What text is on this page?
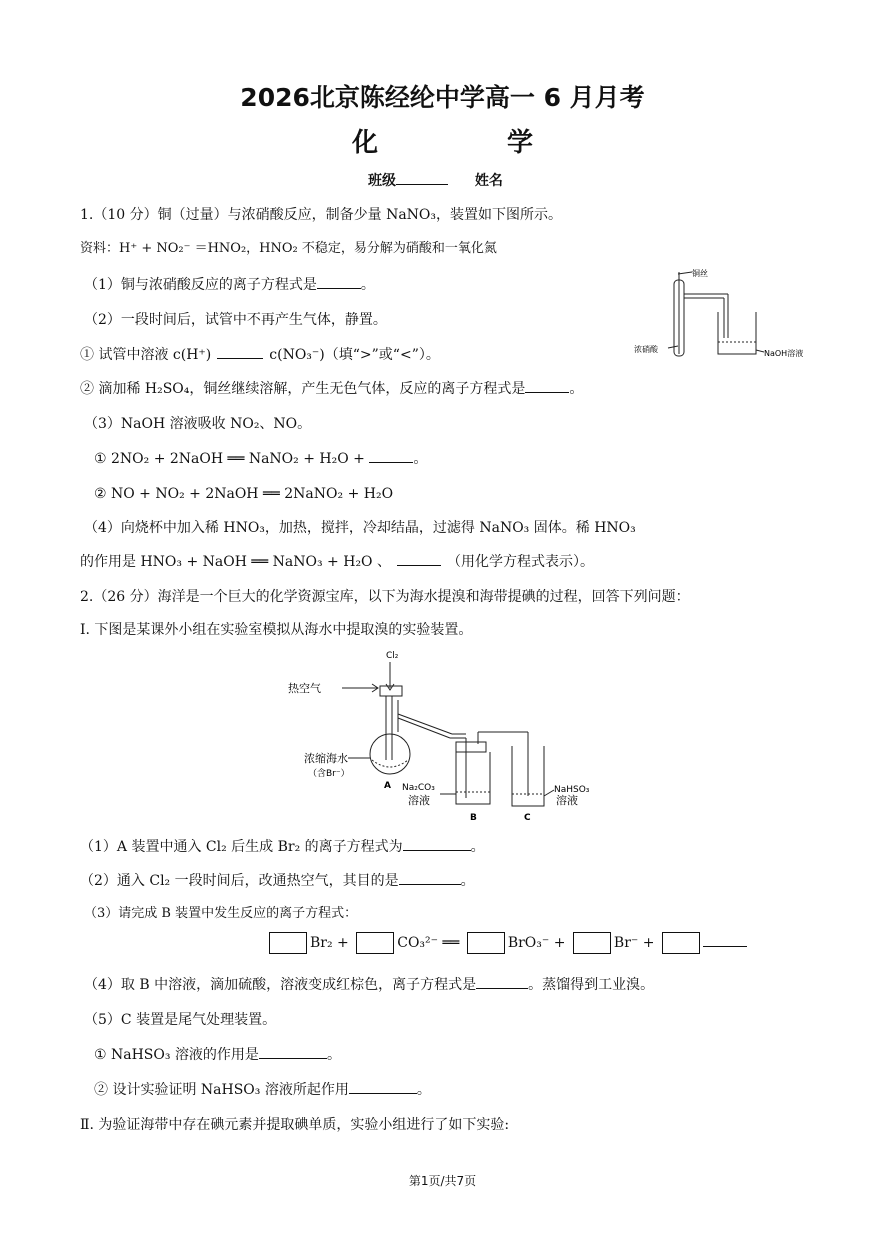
2026北京陈经纶中学高一 6 月月考
化 学
班级	姓名
1.（10 分）铜（过量）与浓硝酸反应，制备少量 NaNO₃，装置如下图所示。
资料：H⁺ + NO₂⁻ ＝HNO₂，HNO₂ 不稳定，易分解为硝酸和一氧化氮
（1）铜与浓硝酸反应的离子方程式是	。
（2）一段时间后，试管中不再产生气体，静置。
① 试管中溶液 c(H⁺)	c(NO₃⁻)（填“>”或“<”）。
② 滴加稀 H₂SO₄，铜丝继续溶解，产生无色气体，反应的离子方程式是	。
（3）NaOH 溶液吸收 NO₂、NO。
① 2NO₂ + 2NaOH ══ NaNO₂ + H₂O +	。
② NO + NO₂ + 2NaOH ══ 2NaNO₂ + H₂O
（4）向烧杯中加入稀 HNO₃，加热，搅拌，冷却结晶，过滤得 NaNO₃ 固体。稀 HNO₃
的作用是 HNO₃ + NaOH ══ NaNO₃ + H₂O 、	（用化学方程式表示）。
铜丝
浓硝酸	NaOH溶液
2.（26 分）海洋是一个巨大的化学资源宝库，以下为海水提溴和海带提碘的过程，回答下列问题：
Ⅰ. 下图是某课外小组在实验室模拟从海水中提取溴的实验装置。
Cl₂
热空气
浓缩海水
（含Br⁻）
A Na₂CO₃
溶液
B	C
NaHSO₃
溶液
（1）A 装置中通入 Cl₂ 后生成 Br₂ 的离子方程式为	。
（2）通入 Cl₂ 一段时间后，改通热空气，其目的是	。
（3）请完成 B 装置中发生反应的离子方程式：
Br₂ +	CO₃²⁻ ══	BrO₃⁻ +	Br⁻ +
（4）取 B 中溶液，滴加硫酸，溶液变成红棕色，离子方程式是	。蒸馏得到工业溴。
（5）C 装置是尾气处理装置。
① NaHSO₃ 溶液的作用是	。
② 设计实验证明 NaHSO₃ 溶液所起作用	。
Ⅱ. 为验证海带中存在碘元素并提取碘单质，实验小组进行了如下实验:
第1页/共7页
